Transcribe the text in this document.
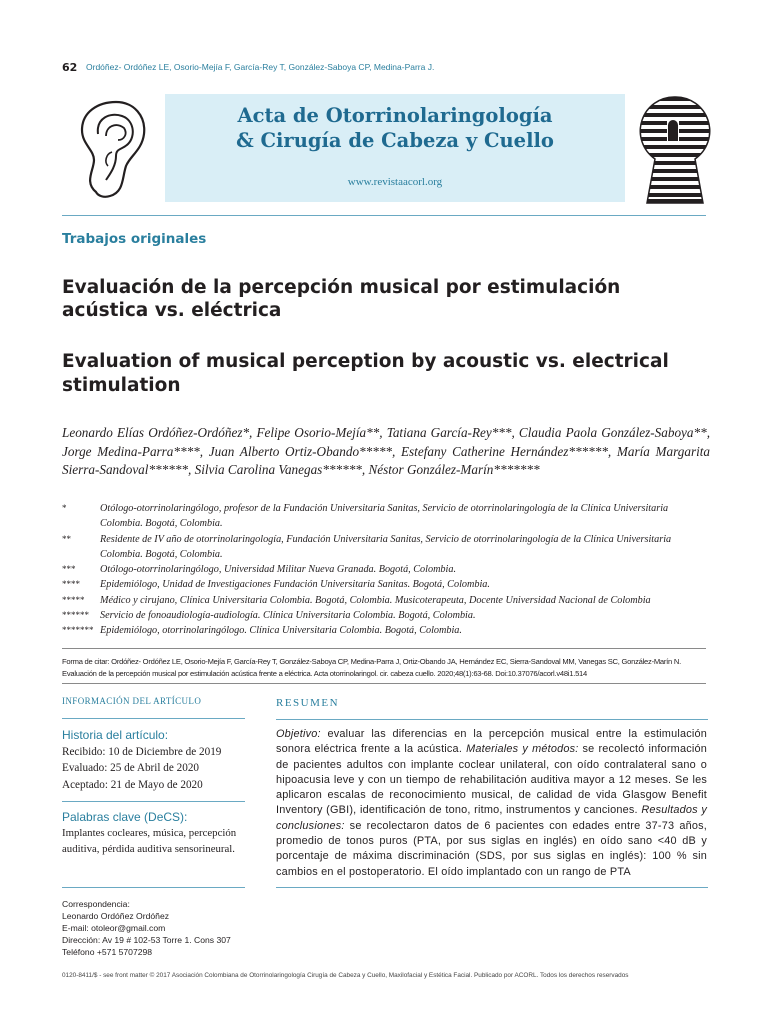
62 Ordóñez- Ordóñez LE, Osorio-Mejía F, García-Rey T, González-Saboya CP, Medina-Parra J.
Acta de Otorrinolaringología
& Cirugía de Cabeza y Cuello
www.revistaacorl.org
Trabajos originales
Evaluación de la percepción musical por estimulación acústica vs. eléctrica
Evaluation of musical perception by acoustic vs. electrical stimulation
Leonardo Elías Ordóñez-Ordóñez*, Felipe Osorio-Mejía**, Tatiana García-Rey***, Claudia Paola González-Saboya**, Jorge Medina-Parra****, Juan Alberto Ortiz-Obando*****, Estefany Catherine Hernández******, María Margarita Sierra-Sandoval******, Silvia Carolina Vanegas******, Néstor González-Marín*******
*	Otólogo-otorrinolaringólogo, profesor de la Fundación Universitaria Sanitas, Servicio de otorrinolaringología de la Clínica Universitaria Colombia. Bogotá, Colombia.
**	Residente de IV año de otorrinolaringología, Fundación Universitaria Sanitas, Servicio de otorrinolaringología de la Clínica Universitaria Colombia. Bogotá, Colombia.
*** Otólogo-otorrinolaringólogo, Universidad Militar Nueva Granada. Bogotá, Colombia.
**** Epidemiólogo, Unidad de Investigaciones Fundación Universitaria Sanitas. Bogotá, Colombia.
***** Médico y cirujano, Clínica Universitaria Colombia. Bogotá, Colombia. Musicoterapeuta, Docente Universidad Nacional de Colombia
****** Servicio de fonoaudiología-audiología. Clínica Universitaria Colombia. Bogotá, Colombia.
******* Epidemiólogo, otorrinolaringólogo. Clínica Universitaria Colombia. Bogotá, Colombia.
Forma de citar: Ordóñez- Ordóñez LE, Osorio-Mejía F, García-Rey T, González-Saboya CP, Medina-Parra J, Ortiz-Obando JA, Hernández EC, Sierra-Sandoval MM, Vanegas SC, González-Marín N. Evaluación de la percepción musical por estimulación acústica frente a eléctrica. Acta otorrinolaringol. cir. cabeza cuello. 2020;48(1):63-68. Doi:10.37076/acorl.v48i1.514
INFORMACIÓN DEL ARTÍCULO
Historia del artículo:
Recibido: 10 de Diciembre de 2019
Evaluado: 25 de Abril de 2020
Aceptado: 21 de Mayo de 2020
Palabras clave (DeCS):
Implantes cocleares, música, percepción auditiva, pérdida auditiva sensorineural.
Correspondencia:
Leonardo Ordóñez Ordóñez
E-mail: otoleor@gmail.com
Dirección: Av 19 # 102-53 Torre 1. Cons 307
Teléfono +571 5707298
RESUMEN
Objetivo: evaluar las diferencias en la percepción musical entre la estimulación sonora eléctrica frente a la acústica. Materiales y métodos: se recolectó información de pacientes adultos con implante coclear unilateral, con oído contralateral sano o hipoacusia leve y con un tiempo de rehabilitación auditiva mayor a 12 meses. Se les aplicaron escalas de reconocimiento musical, de calidad de vida Glasgow Benefit Inventory (GBI), identificación de tono, ritmo, instrumentos y canciones. Resultados y conclusiones: se recolectaron datos de 6 pacientes con edades entre 37-73 años, promedio de tonos puros (PTA, por sus siglas en inglés) en oído sano <40 dB y porcentaje de máxima discriminación (SDS, por sus siglas en inglés): 100 % sin cambios en el postoperatorio. El oído implantado con un rango de PTA
0120-8411/$ - see front matter © 2017 Asociación Colombiana de Otorrinolaringología Cirugía de Cabeza y Cuello, Maxilofacial y Estética Facial. Publicado por ACORL. Todos los derechos reservados
